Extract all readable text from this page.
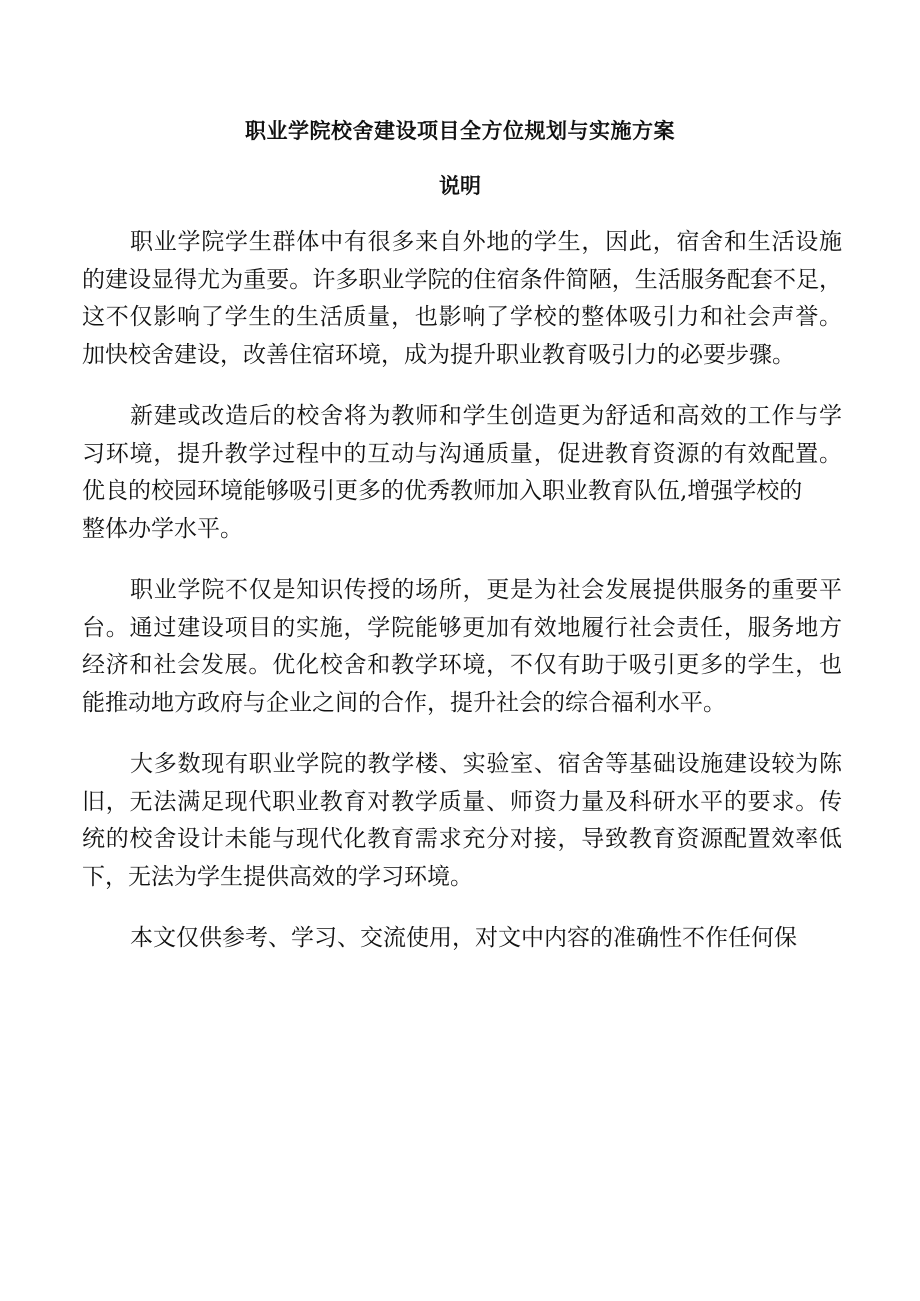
职业学院校舍建设项目全方位规划与实施方案
说明

职业学院学生群体中有很多来自外地的学生，因此，宿舍和生活设施
的建设显得尤为重要。许多职业学院的住宿条件简陋，生活服务配套不足，
这不仅影响了学生的生活质量，也影响了学校的整体吸引力和社会声誉。
加快校舍建设，改善住宿环境，成为提升职业教育吸引力的必要步骤。

新建或改造后的校舍将为教师和学生创造更为舒适和高效的工作与学
习环境，提升教学过程中的互动与沟通质量，促进教育资源的有效配置。
优良的校园环境能够吸引更多的优秀教师加入职业教育队伍,增强学校的
整体办学水平。

职业学院不仅是知识传授的场所，更是为社会发展提供服务的重要平
台。通过建设项目的实施，学院能够更加有效地履行社会责任，服务地方
经济和社会发展。优化校舍和教学环境，不仅有助于吸引更多的学生，也
能推动地方政府与企业之间的合作，提升社会的综合福利水平。

大多数现有职业学院的教学楼、实验室、宿舍等基础设施建设较为陈
旧，无法满足现代职业教育对教学质量、师资力量及科研水平的要求。传
统的校舍设计未能与现代化教育需求充分对接，导致教育资源配置效率低
下，无法为学生提供高效的学习环境。

本文仅供参考、学习、交流使用，对文中内容的准确性不作任何保
